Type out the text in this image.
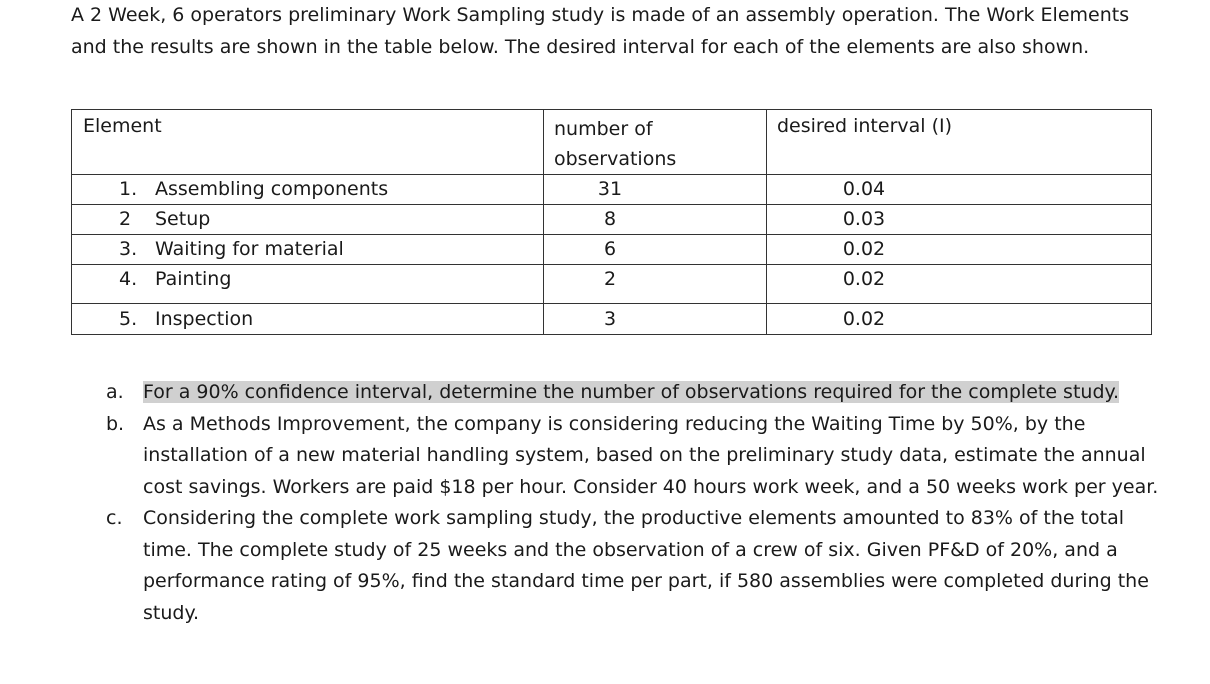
A 2 Week, 6 operators preliminary Work Sampling study is made of an assembly operation. The Work Elements and the results are shown in the table below. The desired interval for each of the elements are also shown.

Element	number of observations	desired interval (I)
1. Assembling components	31	0.04
2 Setup	8	0.03
3. Waiting for material	6	0.02
4. Painting	2	0.02
5. Inspection	3	0.02
a.	For a 90% confidence interval, determine the number of observations required for the complete study.
b. As a Methods Improvement, the company is considering reducing the Waiting Time by 50%, by the installation of a new material handling system, based on the preliminary study data, estimate the annual cost savings. Workers are paid $18 per hour. Consider 40 hours work week, and a 50 weeks work per year.
c.	Considering the complete work sampling study, the productive elements amounted to 83% of the total time. The complete study of 25 weeks and the observation of a crew of six. Given PF&D of 20%, and a performance rating of 95%, find the standard time per part, if 580 assemblies were completed during the study.
